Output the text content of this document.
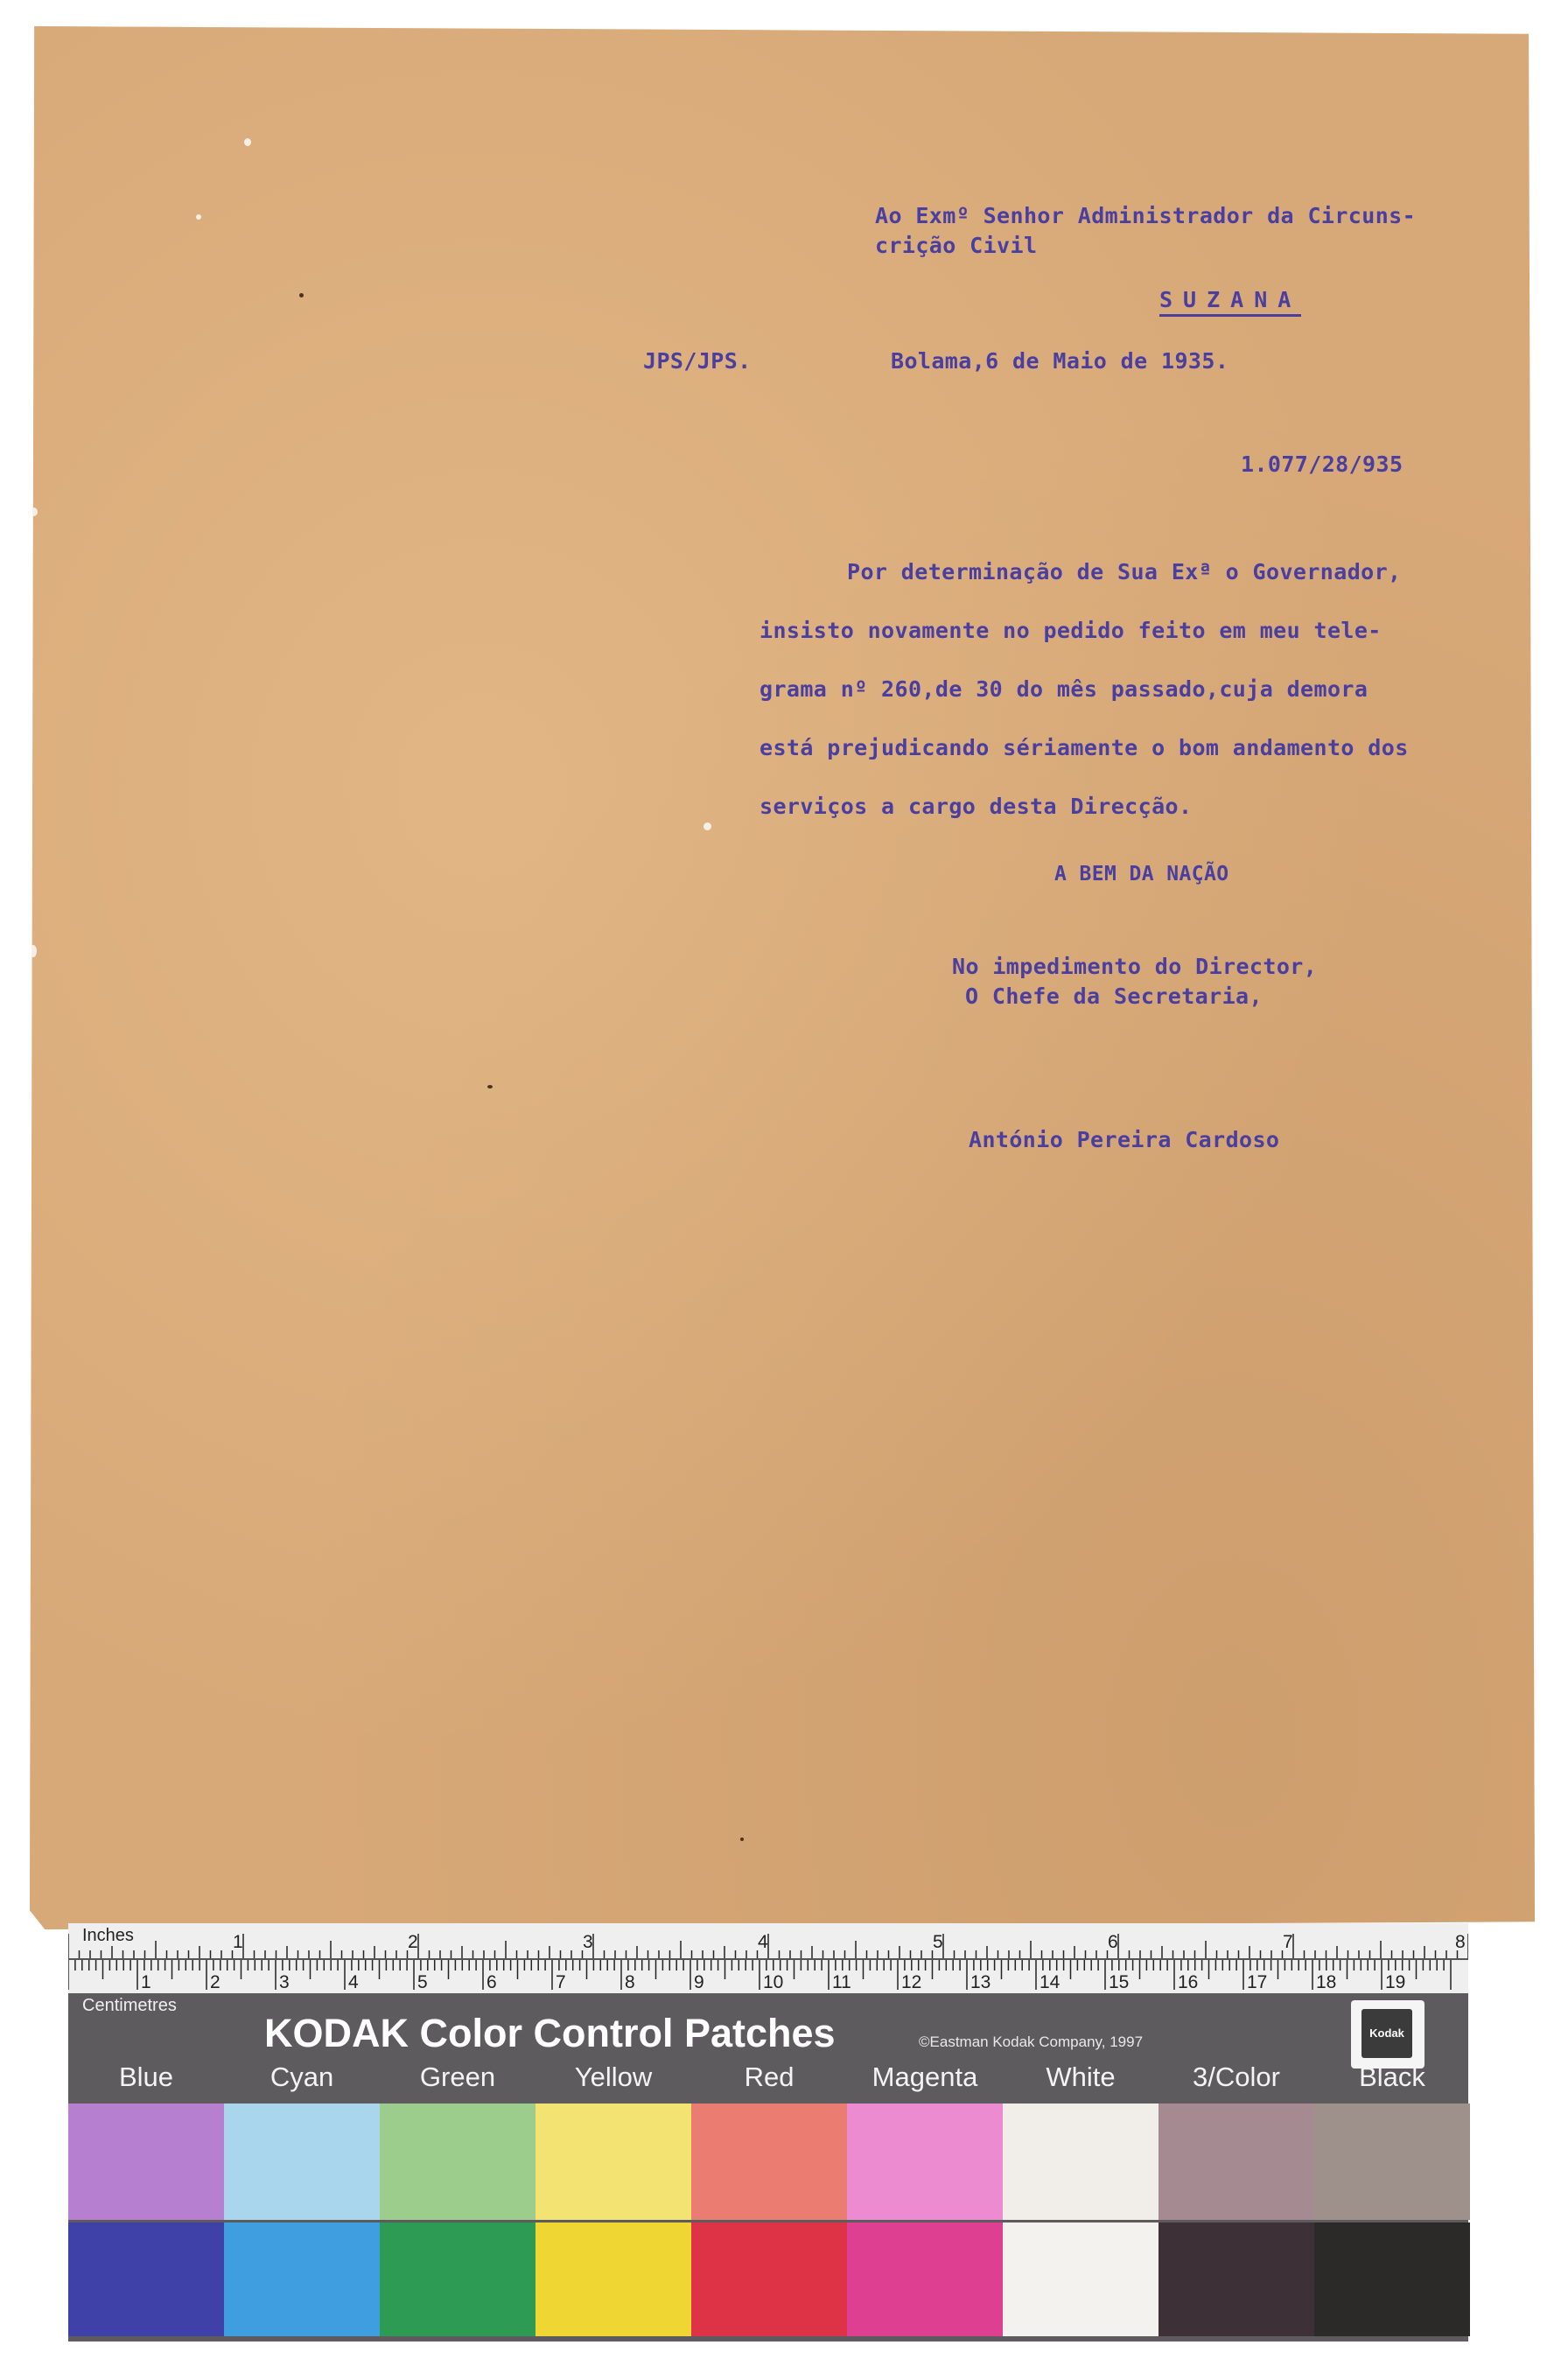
Ao Exmº Senhor Administrador da Circuns-
crição Civil
SUZANA
JPS/JPS.	Bolama,6 de Maio de 1935.
1.077/28/935
Por determinação de Sua Exª o Governador,
insisto novamente no pedido feito em meu tele-
grama nº 260,de 30 do mês passado,cuja demora
está prejudicando sériamente o bom andamento dos
serviços a cargo desta Direcção.
A BEM DA NAÇÃO
No impedimento do Director,
O Chefe da Secretaria,
António Pereira Cardoso
1	2	3	4	5	6	7	8
1	2	3	4	5	6	7	8	9	10	11	12	13	14	15	16	17	18	19
Inches
Centimetres
KODAK Color Control Patches	©Eastman Kodak Company, 1997
Kodak
Blue	Cyan	Green	Yellow	Red	Magenta	White	3/Color	Black
